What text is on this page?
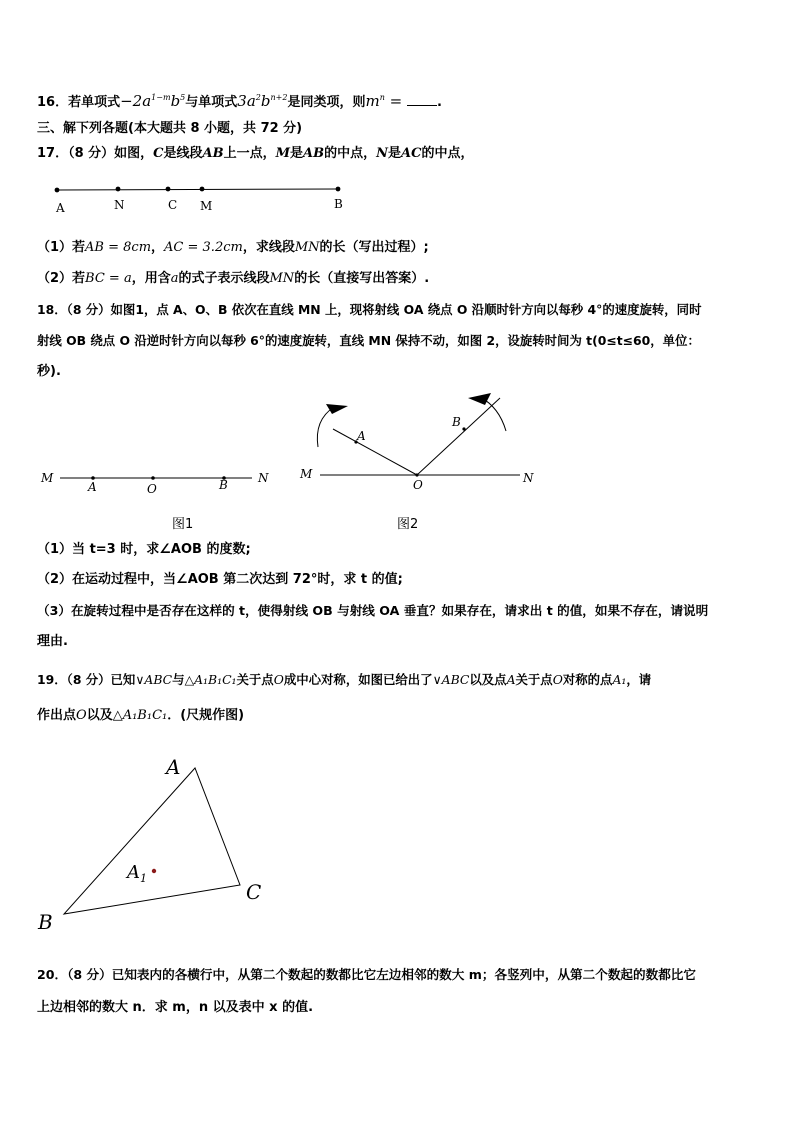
16．若单项式$-2a^{1-m}b^5$与单项式$3a^2b^{n+2}$是同类项，则$m^n$ = .
三、解下列各题(本大题共 8 小题，共 72 分)
17．（8 分）如图，C是线段AB上一点，M是AB的中点，N是AC的中点，
A	N	C M	B
（1）若AB = 8cm，AC = 3.2cm，求线段MN的长（写出过程）;
（2）若BC = a，用含a的式子表示线段MN的长（直接写出答案）.
18．（8 分）如图1，点 A、O、B 依次在直线 MN 上，现将射线 OA 绕点 O 沿顺时针方向以每秒 4°的速度旋转，同时
射线 OB 绕点 O 沿逆时针方向以每秒 6°的速度旋转，直线 MN 保持不动，如图 2，设旋转时间为 t(0≤t≤60，单位：
秒).
M
A	O	B	N	M
A
O
B
N
图1	图2
（1）当 t=3 时，求∠AOB 的度数;
（2）在运动过程中，当∠AOB 第二次达到 72°时，求 t 的值;
（3）在旋转过程中是否存在这样的 t，使得射线 OB 与射线 OA 垂直？如果存在，请求出 t 的值，如果不存在，请说明
理由.
19．（8 分）已知∨ABC与△A₁B₁C₁关于点O成中心对称，如图已给出了∨ABC以及点A关于点O对称的点A₁，请
作出点O以及△A₁B₁C₁．(尺规作图)
A
B
C
$A_1$
20．（8 分）已知表内的各横行中，从第二个数起的数都比它左边相邻的数大 m；各竖列中，从第二个数起的数都比它
上边相邻的数大 n．求 m，n 以及表中 x 的值.
